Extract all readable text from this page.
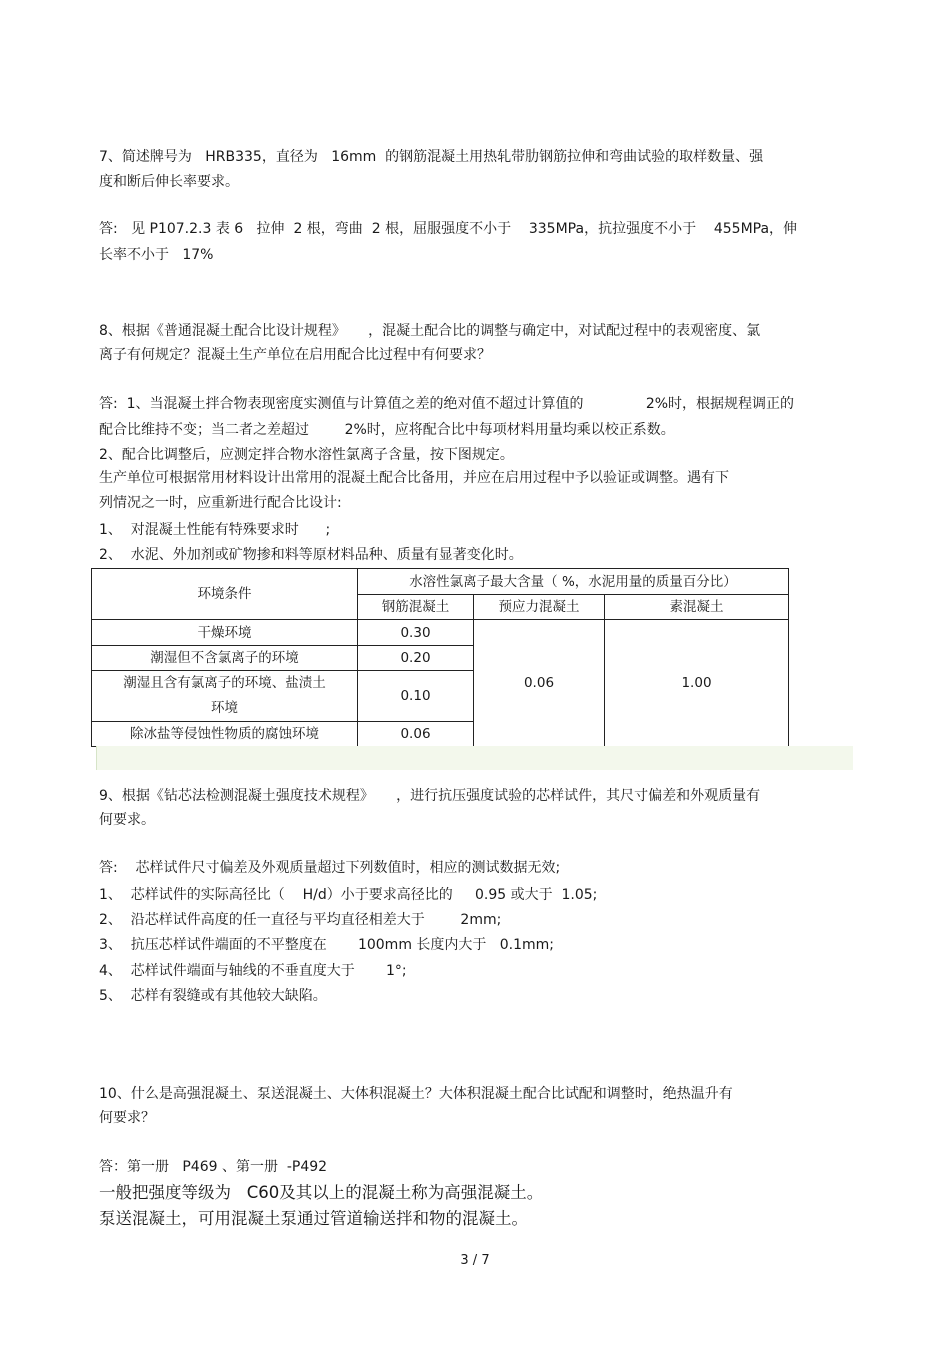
7、简述牌号为   HRB335，直径为   16mm  的钢筋混凝土用热轧带肋钢筋拉伸和弯曲试验的取样数量、强
度和断后伸长率要求。
答:   见 P107.2.3 表 6   拉伸  2 根，弯曲  2 根，屈服强度不小于    335MPa，抗拉强度不小于    455MPa，伸
长率不小于   17%
8、根据《普通混凝土配合比设计规程》     ，混凝土配合比的调整与确定中，对试配过程中的表观密度、氯
离子有何规定？混凝土生产单位在启用配合比过程中有何要求？
答:  1、当混凝土拌合物表现密度实测值与计算值之差的绝对值不超过计算值的              2%时，根据规程调正的
配合比维持不变；当二者之差超过        2%时，应将配合比中每项材料用量均乘以校正系数。
2、配合比调整后，应测定拌合物水溶性氯离子含量，按下图规定。
生产单位可根据常用材料设计出常用的混凝土配合比备用，并应在启用过程中予以验证或调整。遇有下
列情况之一时，应重新进行配合比设计:
1、  对混凝土性能有特殊要求时      ;
2、  水泥、外加剂或矿物掺和料等原材料品种、质量有显著变化时。
环境条件	水溶性氯离子最大含量（ %，水泥用量的质量百分比）		
	钢筋混凝土	预应力混凝土	素混凝土
干燥环境	0.30	0.06	1.00
潮湿但不含氯离子的环境	0.20		

潮湿且含有氯离子的环境、盐渍土
环境	0.10		
除冰盐等侵蚀性物质的腐蚀环境	0.06		
9、根据《钻芯法检测混凝土强度技术规程》     ，进行抗压强度试验的芯样试件，其尺寸偏差和外观质量有
何要求。
答:    芯样试件尺寸偏差及外观质量超过下列数值时，相应的测试数据无效;
1、  芯样试件的实际高径比（    H/d）小于要求高径比的     0.95 或大于  1.05;
2、  沿芯样试件高度的任一直径与平均直径相差大于        2mm;
3、  抗压芯样试件端面的不平整度在       100mm 长度内大于   0.1mm;
4、  芯样试件端面与轴线的不垂直度大于       1°;
5、  芯样有裂缝或有其他较大缺陷。
10、什么是高强混凝土、泵送混凝土、大体积混凝土？大体积混凝土配合比试配和调整时，绝热温升有
何要求？
答：第一册   P469 、第一册  -P492
一般把强度等级为   C60及其以上的混凝土称为高强混凝土。
泵送混凝土，可用混凝土泵通过管道输送拌和物的混凝土。
3 / 7
